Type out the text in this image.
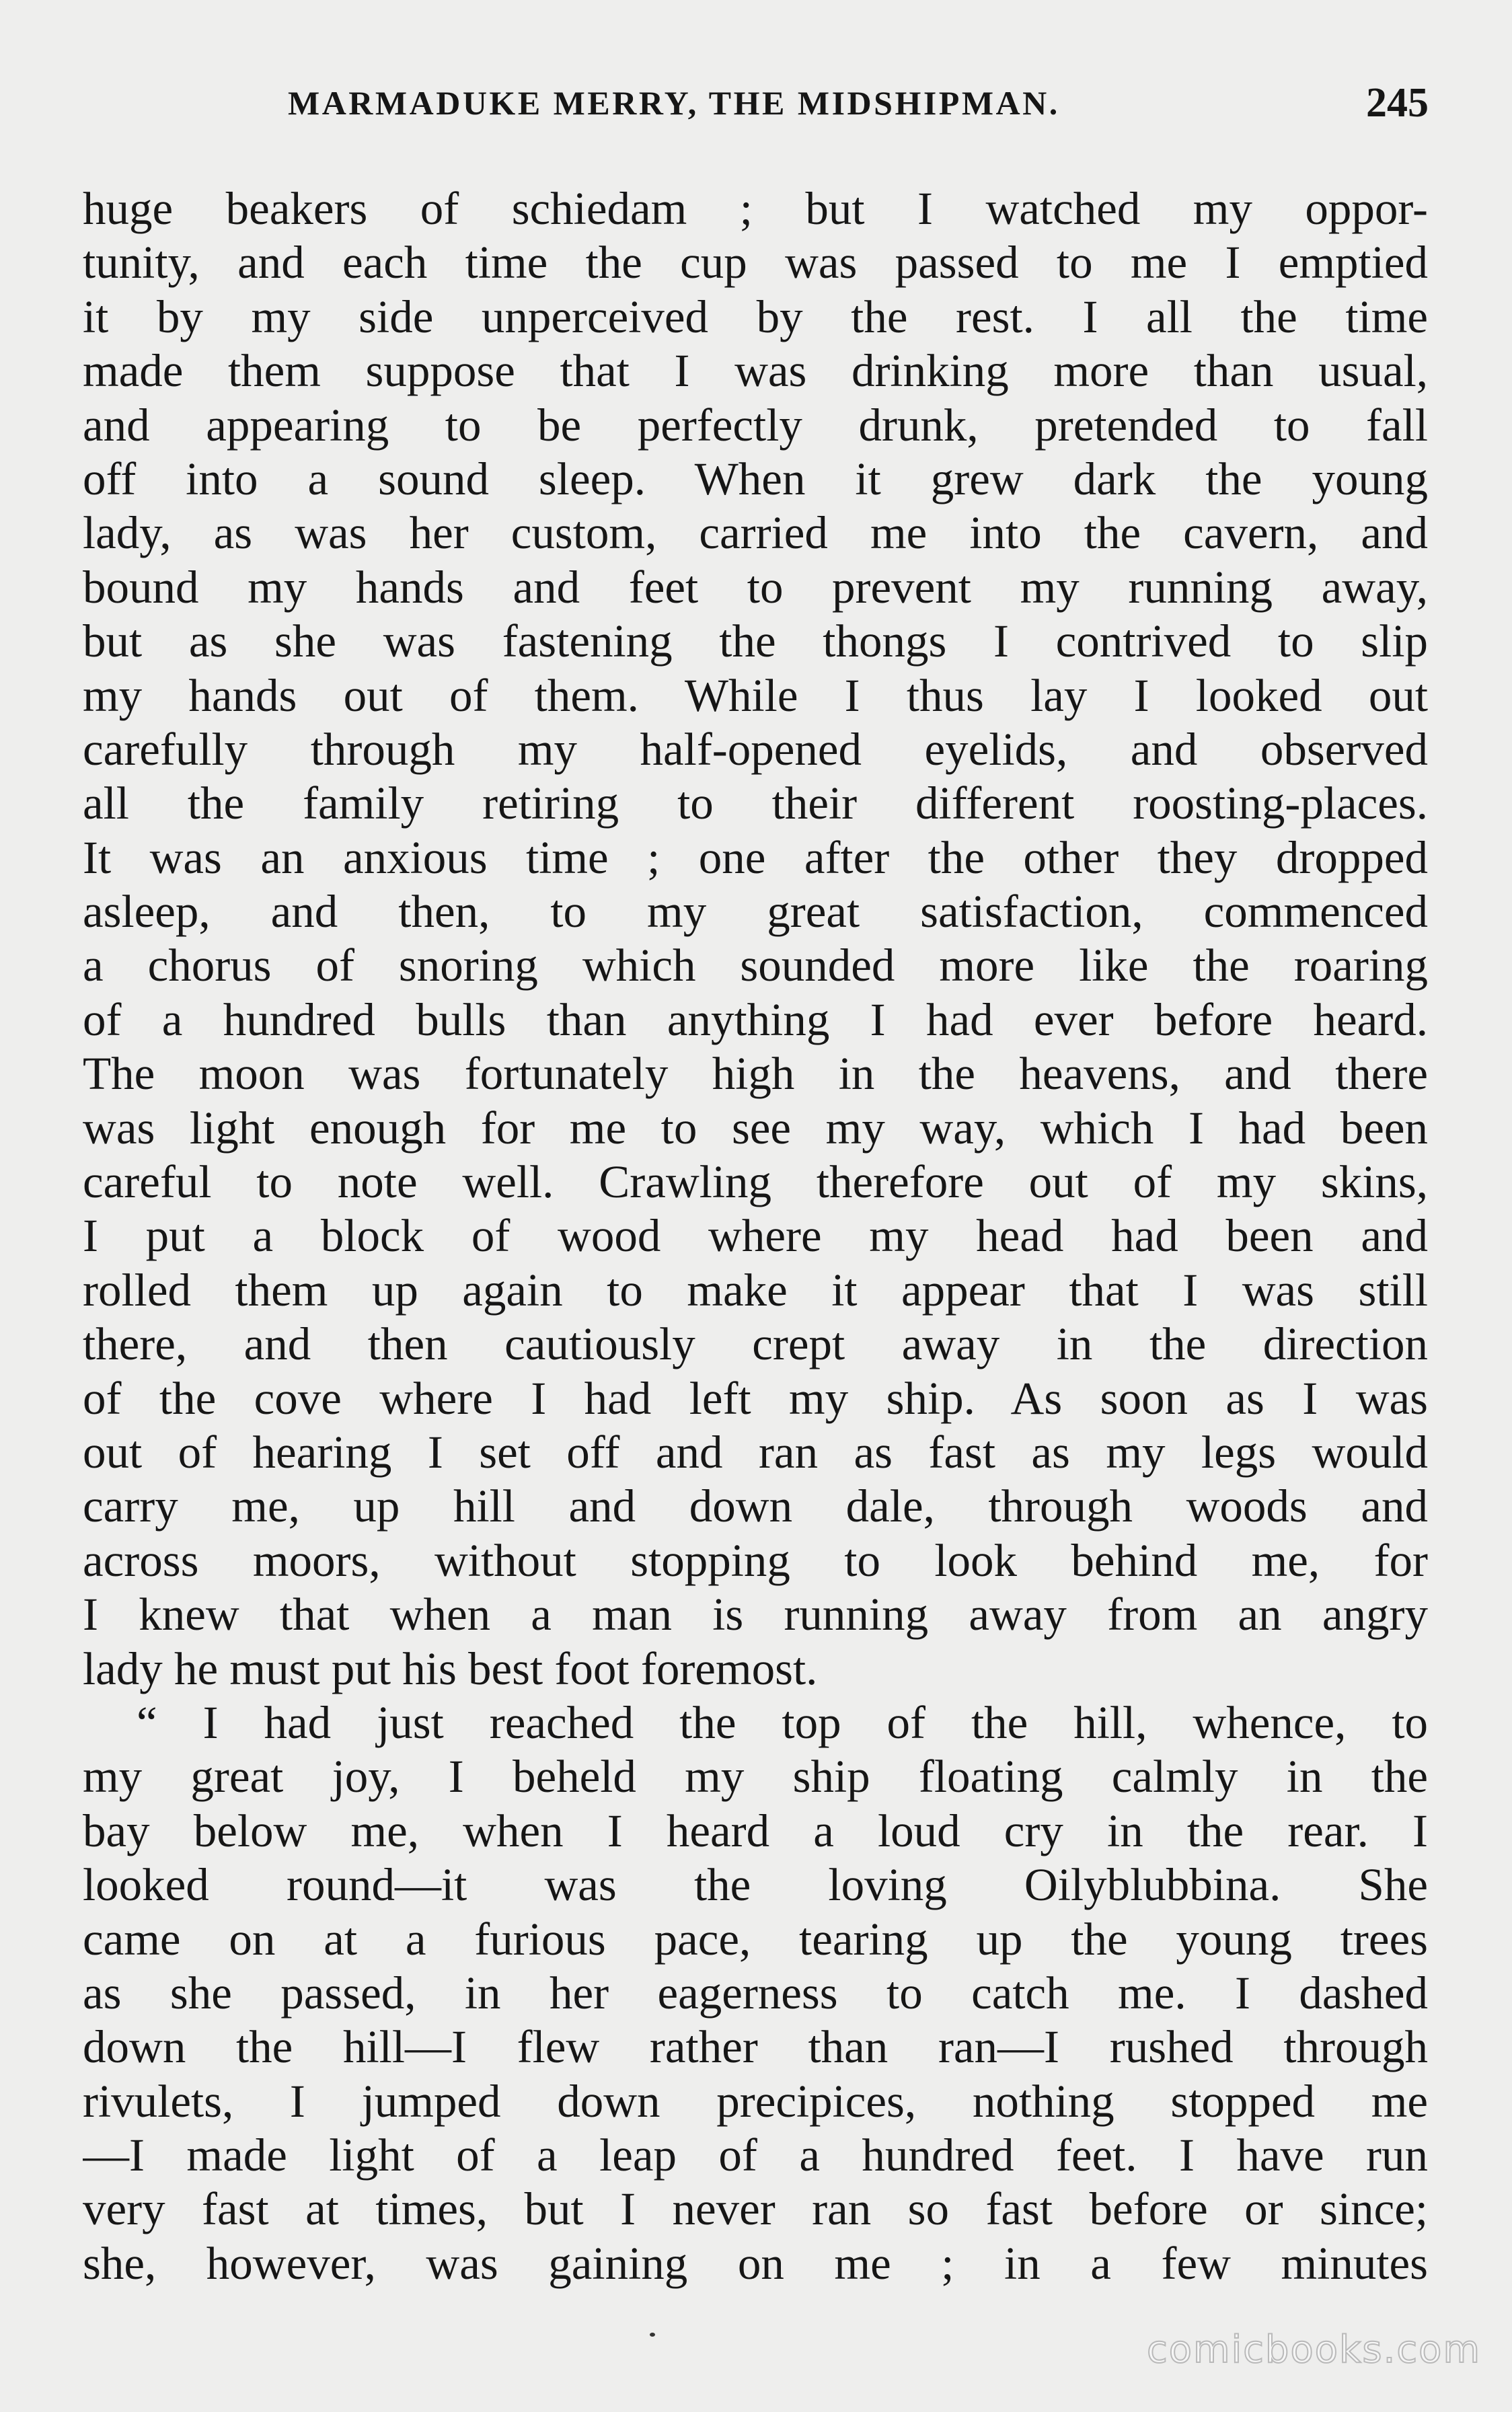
MARMADUKE MERRY, THE MIDSHIPMAN.	245
huge beakers of schiedam ; but I watched my oppor-
tunity, and each time the cup was passed to me I emptied
it by my side unperceived by the rest. I all the time
made them suppose that I was drinking more than usual,
and appearing to be perfectly drunk, pretended to fall
off into a sound sleep. When it grew dark the young
lady, as was her custom, carried me into the cavern, and
bound my hands and feet to prevent my running away,
but as she was fastening the thongs I contrived to slip
my hands out of them. While I thus lay I looked out
carefully through my half-opened eyelids, and observed
all the family retiring to their different roosting-places.
It was an anxious time ; one after the other they dropped
asleep, and then, to my great satisfaction, commenced
a chorus of snoring which sounded more like the roaring
of a hundred bulls than anything I had ever before heard.
The moon was fortunately high in the heavens, and there
was light enough for me to see my way, which I had been
careful to note well. Crawling therefore out of my skins,
I put a block of wood where my head had been and
rolled them up again to make it appear that I was still
there, and then cautiously crept away in the direction
of the cove where I had left my ship. As soon as I was
out of hearing I set off and ran as fast as my legs would
carry me, up hill and down dale, through woods and
across moors, without stopping to look behind me, for
I knew that when a man is running away from an angry
lady he must put his best foot foremost.
“ I had just reached the top of the hill, whence, to
my great joy, I beheld my ship floating calmly in the
bay below me, when I heard a loud cry in the rear. I
looked round—it was the loving Oilyblubbina. She
came on at a furious pace, tearing up the young trees
as she passed, in her eagerness to catch me. I dashed
down the hill—I flew rather than ran—I rushed through
rivulets, I jumped down precipices, nothing stopped me
—I made light of a leap of a hundred feet. I have run
very fast at times, but I never ran so fast before or since;
she, however, was gaining on me ; in a few minutes
comicbooks.com
